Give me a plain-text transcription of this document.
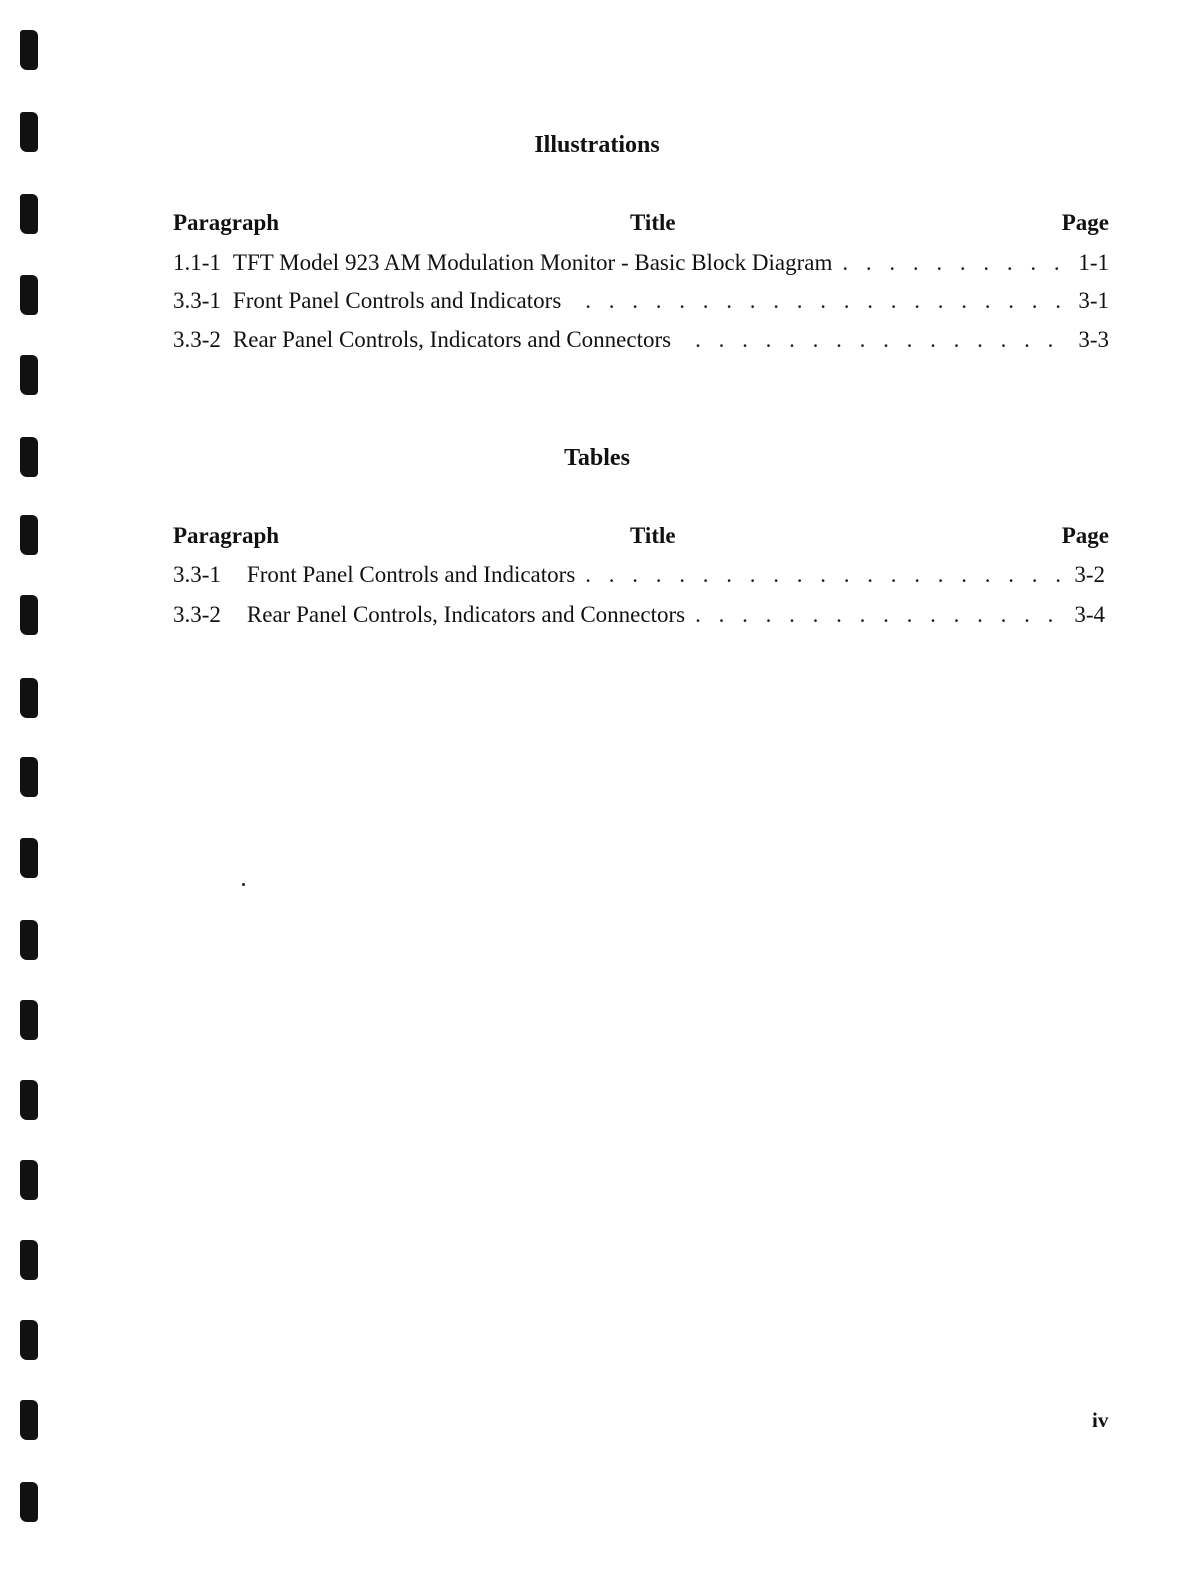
Illustrations
Paragraph	Title	Page
1.1-1 TFT Model 923 AM Modulation Monitor - Basic Block Diagram . . .	1-1
3.3-1 Front Panel Controls and Indicators . . .	3-1
3.3-2 Rear Panel Controls, Indicators and Connectors . . .	3-3
Tables
Paragraph	Title	Page
3.3-1 Front Panel Controls and Indicators . . .	3-2
3.3-2 Rear Panel Controls, Indicators and Connectors . . .	3-4
iv
